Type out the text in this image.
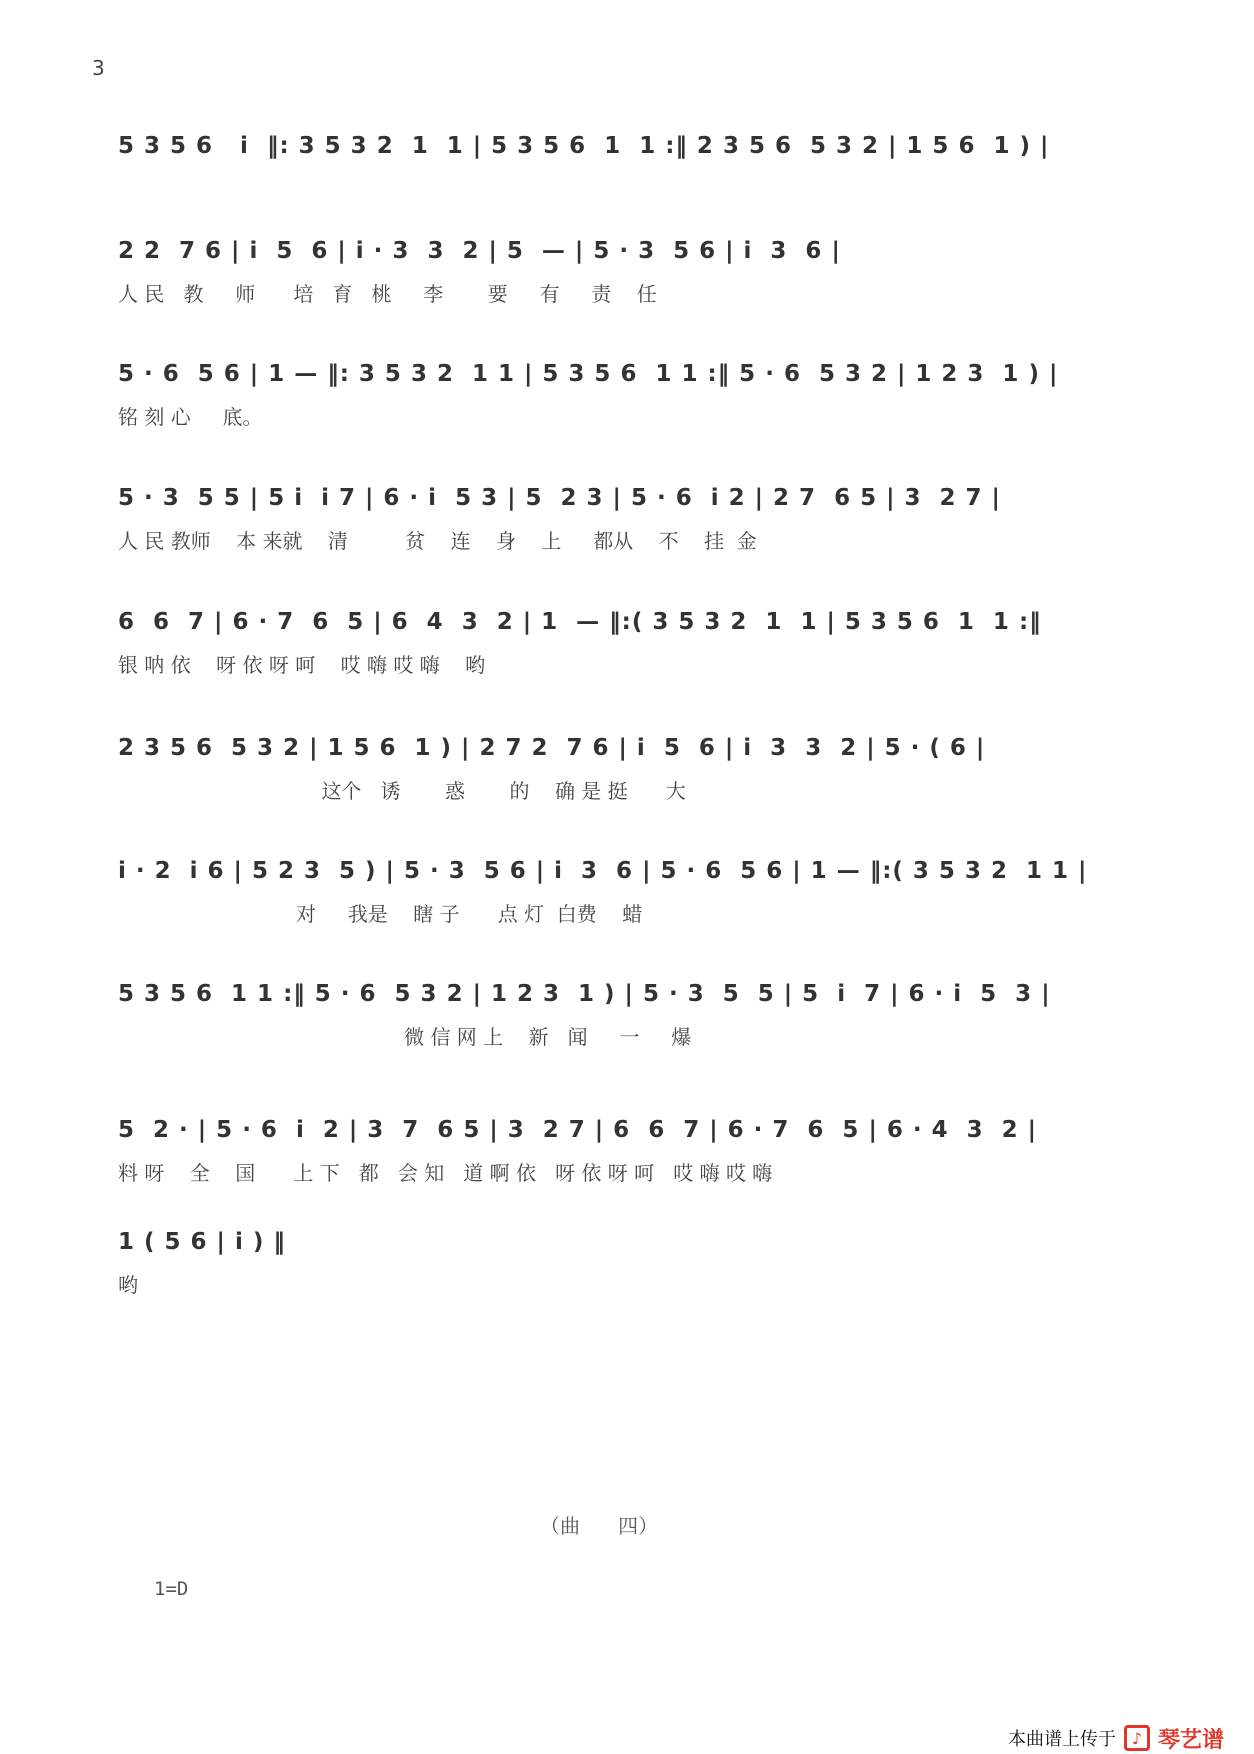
3
5 3 5 6   i  ‖: 3 5 3 2  1  1 | 5 3 5 6  1  1 :‖ 2 3 5 6  5 3 2 | 1 5 6  1 ) |
2 2  7 6 | i  5  6 | i · 3  3  2 | 5  — | 5 · 3  5 6 | i  3  6 |
人 民   教     师      培   育   桃     李       要     有     责    任
5 · 6  5 6 | 1 — ‖: 3 5 3 2  1 1 | 5 3 5 6  1 1 :‖ 5 · 6  5 3 2 | 1 2 3  1 ) |
铭 刻 心     底。
5 · 3  5 5 | 5 i  i 7 | 6 · i  5 3 | 5  2 3 | 5 · 6  i 2 | 2 7  6 5 | 3  2 7 |
人 民 教师    本 来就    清         贫    连    身    上     都从    不    挂  金
6  6  7 | 6 · 7  6  5 | 6  4  3  2 | 1  — ‖:( 3 5 3 2  1  1 | 5 3 5 6  1  1 :‖
银 呐 依    呀 依 呀 呵    哎 嗨 哎 嗨    哟
2 3 5 6  5 3 2 | 1 5 6  1 ) | 2 7 2  7 6 | i  5  6 | i  3  3  2 | 5 · ( 6 |
这个   诱       惑       的    确 是 挺      大
i · 2  i 6 | 5 2 3  5 ) | 5 · 3  5 6 | i  3  6 | 5 · 6  5 6 | 1 — ‖:( 3 5 3 2  1 1 |
对     我是    瞎 子      点 灯  白费    蜡
5 3 5 6  1 1 :‖ 5 · 6  5 3 2 | 1 2 3  1 ) | 5 · 3  5  5 | 5  i  7 | 6 · i  5  3 |
微 信 网 上    新   闻     一     爆
5  2 · | 5 · 6  i  2 | 3  7  6 5 | 3  2 7 | 6  6  7 | 6 · 7  6  5 | 6 · 4  3  2 |
料 呀    全    国      上 下   都   会 知   道 啊 依   呀 依 呀 呵   哎 嗨 哎 嗨
1 ( 5 6 | i ) ‖
哟
（曲      四）
1=D
本曲谱上传于 ♪ 琴艺谱
